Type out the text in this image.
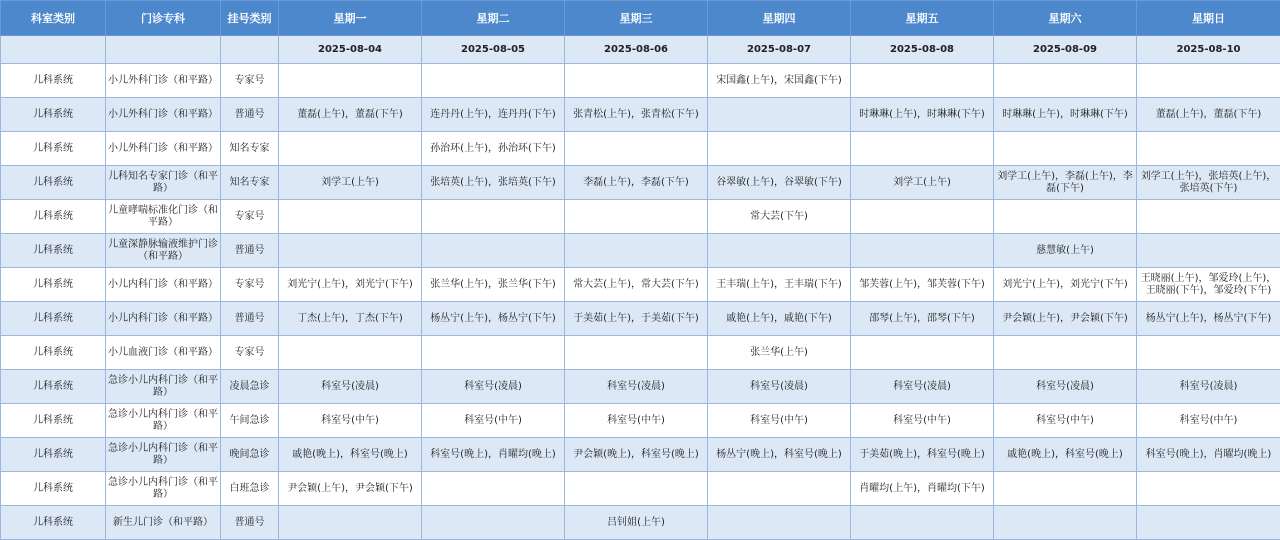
科室类别	门诊专科	挂号类别	星期一	星期二	星期三	星期四	星期五	星期六	星期日
			2025-08-04	2025-08-05	2025-08-06	2025-08-07	2025-08-08	2025-08-09	2025-08-10
儿科系统	小儿外科门诊（和平路）	专家号				宋国鑫(上午)，宋国鑫(下午)			
儿科系统	小儿外科门诊（和平路）	普通号	董磊(上午)，董磊(下午)	连丹丹(上午)，连丹丹(下午)	张青松(上午)，张青松(下午)		时琳琳(上午)，时琳琳(下午)	时琳琳(上午)，时琳琳(下午)	董磊(上午)，董磊(下午)
儿科系统	小儿外科门诊（和平路）	知名专家		孙治环(上午)，孙治环(下午)					
儿科系统	儿科知名专家门诊（和平路）	知名专家	刘学工(上午)	张培英(上午)，张培英(下午)	李磊(上午)，李磊(下午)	谷翠敏(上午)，谷翠敏(下午)	刘学工(上午)	刘学工(上午)，李磊(上午)，李磊(下午)	刘学工(上午)，张培英(上午)，张培英(下午)
儿科系统	儿童哮喘标准化门诊（和平路）	专家号				常大芸(下午)			
儿科系统	儿童深静脉输液维护门诊（和平路）	普通号						慈慧敏(上午)	
儿科系统	小儿内科门诊（和平路）	专家号	刘光宁(上午)，刘光宁(下午)	张兰华(上午)，张兰华(下午)	常大芸(上午)，常大芸(下午)	王丰瑞(上午)，王丰瑞(下午)	邹芙蓉(上午)，邹芙蓉(下午)	刘光宁(上午)，刘光宁(下午)	王晓丽(上午)，邹爱玲(上午)，王晓丽(下午)，邹爱玲(下午)
儿科系统	小儿内科门诊（和平路）	普通号	丁杰(上午)，丁杰(下午)	杨丛宁(上午)，杨丛宁(下午)	于美茹(上午)，于美茹(下午)	戚艳(上午)，戚艳(下午)	邵琴(上午)，邵琴(下午)	尹会颖(上午)，尹会颖(下午)	杨丛宁(上午)，杨丛宁(下午)
儿科系统	小儿血液门诊（和平路）	专家号				张兰华(上午)			
儿科系统	急诊小儿内科门诊（和平路）	凌晨急诊	科室号(凌晨)	科室号(凌晨)	科室号(凌晨)	科室号(凌晨)	科室号(凌晨)	科室号(凌晨)	科室号(凌晨)
儿科系统	急诊小儿内科门诊（和平路）	午间急诊	科室号(中午)	科室号(中午)	科室号(中午)	科室号(中午)	科室号(中午)	科室号(中午)	科室号(中午)
儿科系统	急诊小儿内科门诊（和平路）	晚间急诊	戚艳(晚上)，科室号(晚上)	科室号(晚上)，肖曜均(晚上)	尹会颖(晚上)，科室号(晚上)	杨丛宁(晚上)，科室号(晚上)	于美茹(晚上)，科室号(晚上)	戚艳(晚上)，科室号(晚上)	科室号(晚上)，肖曜均(晚上)
儿科系统	急诊小儿内科门诊（和平路）	白班急诊	尹会颖(上午)，尹会颖(下午)				肖曜均(上午)，肖曜均(下午)		
儿科系统	新生儿门诊（和平路）	普通号			吕钊姐(上午)				
